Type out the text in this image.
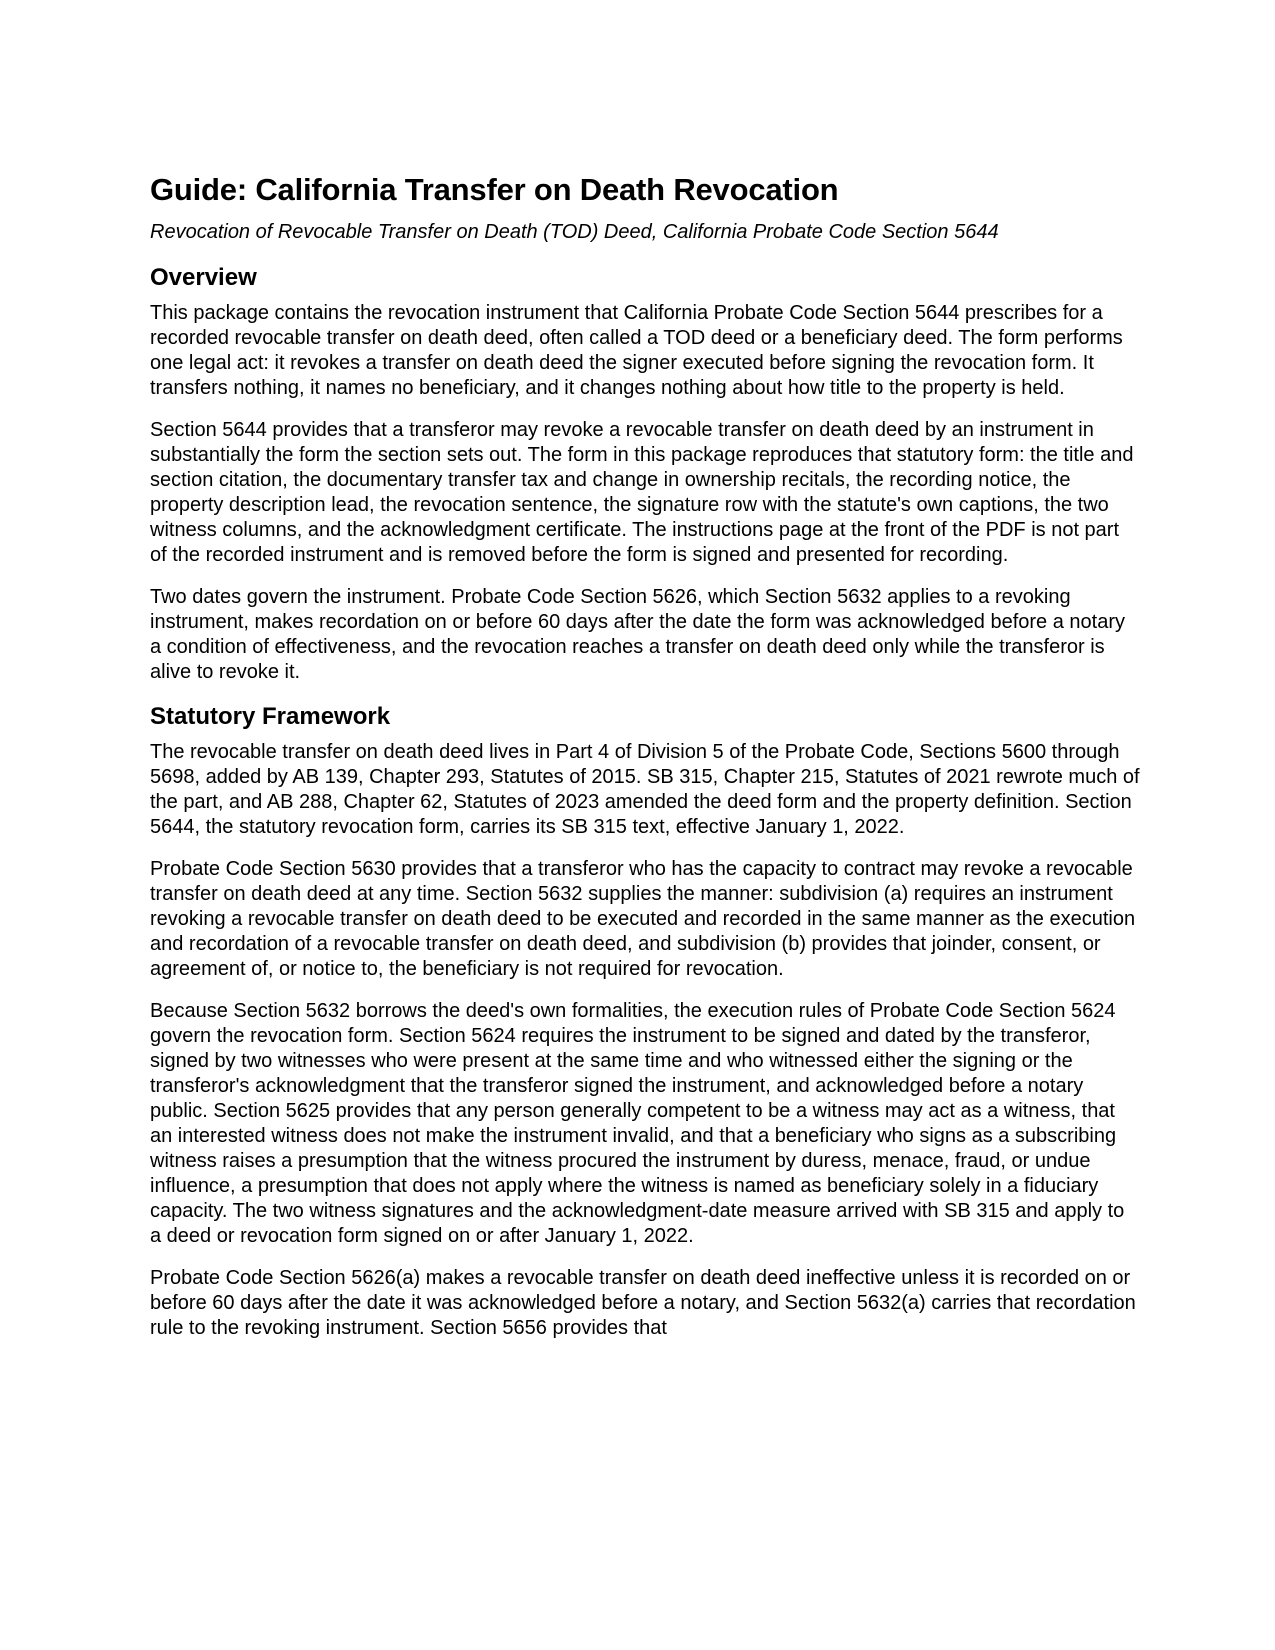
Guide: California Transfer on Death Revocation
Revocation of Revocable Transfer on Death (TOD) Deed, California Probate Code Section 5644
Overview

This package contains the revocation instrument that California Probate Code Section 5644 prescribes for a recorded revocable transfer on death deed, often called a TOD deed or a beneficiary deed. The form performs one legal act: it revokes a transfer on death deed the signer executed before signing the revocation form. It transfers nothing, it names no beneficiary, and it changes nothing about how title to the property is held.

Section 5644 provides that a transferor may revoke a revocable transfer on death deed by an instrument in substantially the form the section sets out. The form in this package reproduces that statutory form: the title and section citation, the documentary transfer tax and change in ownership recitals, the recording notice, the property description lead, the revocation sentence, the signature row with the statute's own captions, the two witness columns, and the acknowledgment certificate. The instructions page at the front of the PDF is not part of the recorded instrument and is removed before the form is signed and presented for recording.

Two dates govern the instrument. Probate Code Section 5626, which Section 5632 applies to a revoking instrument, makes recordation on or before 60 days after the date the form was acknowledged before a notary a condition of effectiveness, and the revocation reaches a transfer on death deed only while the transferor is alive to revoke it.

Statutory Framework

The revocable transfer on death deed lives in Part 4 of Division 5 of the Probate Code, Sections 5600 through 5698, added by AB 139, Chapter 293, Statutes of 2015. SB 315, Chapter 215, Statutes of 2021 rewrote much of the part, and AB 288, Chapter 62, Statutes of 2023 amended the deed form and the property definition. Section 5644, the statutory revocation form, carries its SB 315 text, effective January 1, 2022.

Probate Code Section 5630 provides that a transferor who has the capacity to contract may revoke a revocable transfer on death deed at any time. Section 5632 supplies the manner: subdivision (a) requires an instrument revoking a revocable transfer on death deed to be executed and recorded in the same manner as the execution and recordation of a revocable transfer on death deed, and subdivision (b) provides that joinder, consent, or agreement of, or notice to, the beneficiary is not required for revocation.

Because Section 5632 borrows the deed's own formalities, the execution rules of Probate Code Section 5624 govern the revocation form. Section 5624 requires the instrument to be signed and dated by the transferor, signed by two witnesses who were present at the same time and who witnessed either the signing or the transferor's acknowledgment that the transferor signed the instrument, and acknowledged before a notary public. Section 5625 provides that any person generally competent to be a witness may act as a witness, that an interested witness does not make the instrument invalid, and that a beneficiary who signs as a subscribing witness raises a presumption that the witness procured the instrument by duress, menace, fraud, or undue influence, a presumption that does not apply where the witness is named as beneficiary solely in a fiduciary capacity. The two witness signatures and the acknowledgment-date measure arrived with SB 315 and apply to a deed or revocation form signed on or after January 1, 2022.

Probate Code Section 5626(a) makes a revocable transfer on death deed ineffective unless it is recorded on or before 60 days after the date it was acknowledged before a notary, and Section 5632(a) carries that recordation rule to the revoking instrument. Section 5656 provides that
